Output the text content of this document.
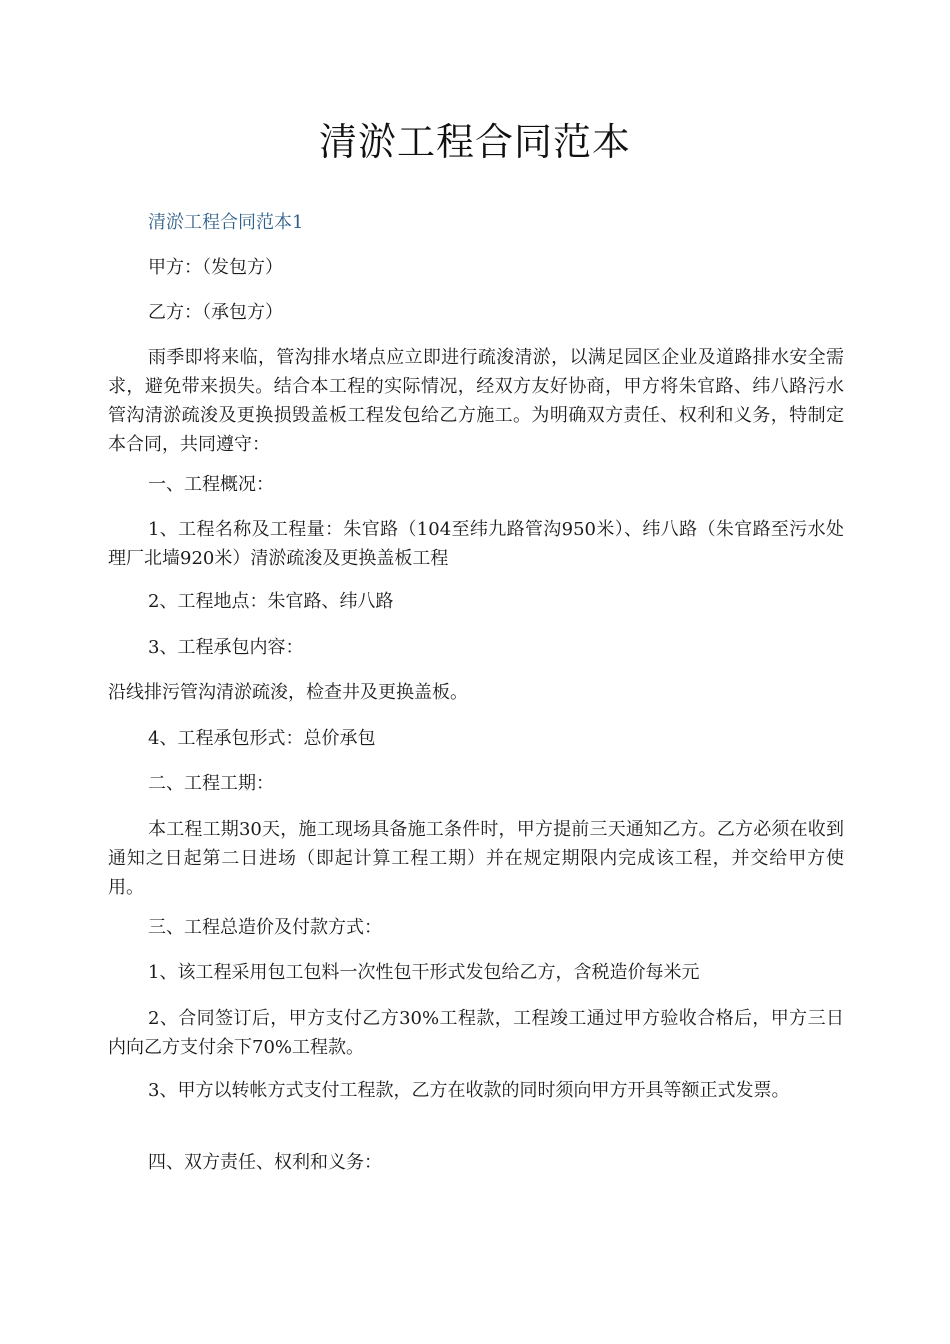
清淤工程合同范本
清淤工程合同范本1

甲方：（发包方）

乙方：（承包方）

雨季即将来临，管沟排水堵点应立即进行疏浚清淤，以满足园区企业及道路排水安全需求，避免带来损失。结合本工程的实际情况，经双方友好协商，甲方将朱官路、纬八路污水管沟清淤疏浚及更换损毁盖板工程发包给乙方施工。为明确双方责任、权利和义务，特制定本合同，共同遵守：

一、工程概况：

1、工程名称及工程量：朱官路（104至纬九路管沟950米）、纬八路（朱官路至污水处理厂北墙920米）清淤疏浚及更换盖板工程

2、工程地点：朱官路、纬八路

3、工程承包内容：

沿线排污管沟清淤疏浚，检查井及更换盖板。

4、工程承包形式：总价承包

二、工程工期：

本工程工期30天，施工现场具备施工条件时，甲方提前三天通知乙方。乙方必须在收到通知之日起第二日进场（即起计算工程工期）并在规定期限内完成该工程，并交给甲方使用。

三、工程总造价及付款方式：

1、该工程采用包工包料一次性包干形式发包给乙方，含税造价每米元

2、合同签订后，甲方支付乙方30%工程款，工程竣工通过甲方验收合格后，甲方三日内向乙方支付余下70%工程款。

3、甲方以转帐方式支付工程款，乙方在收款的同时须向甲方开具等额正式发票。

四、双方责任、权利和义务：
